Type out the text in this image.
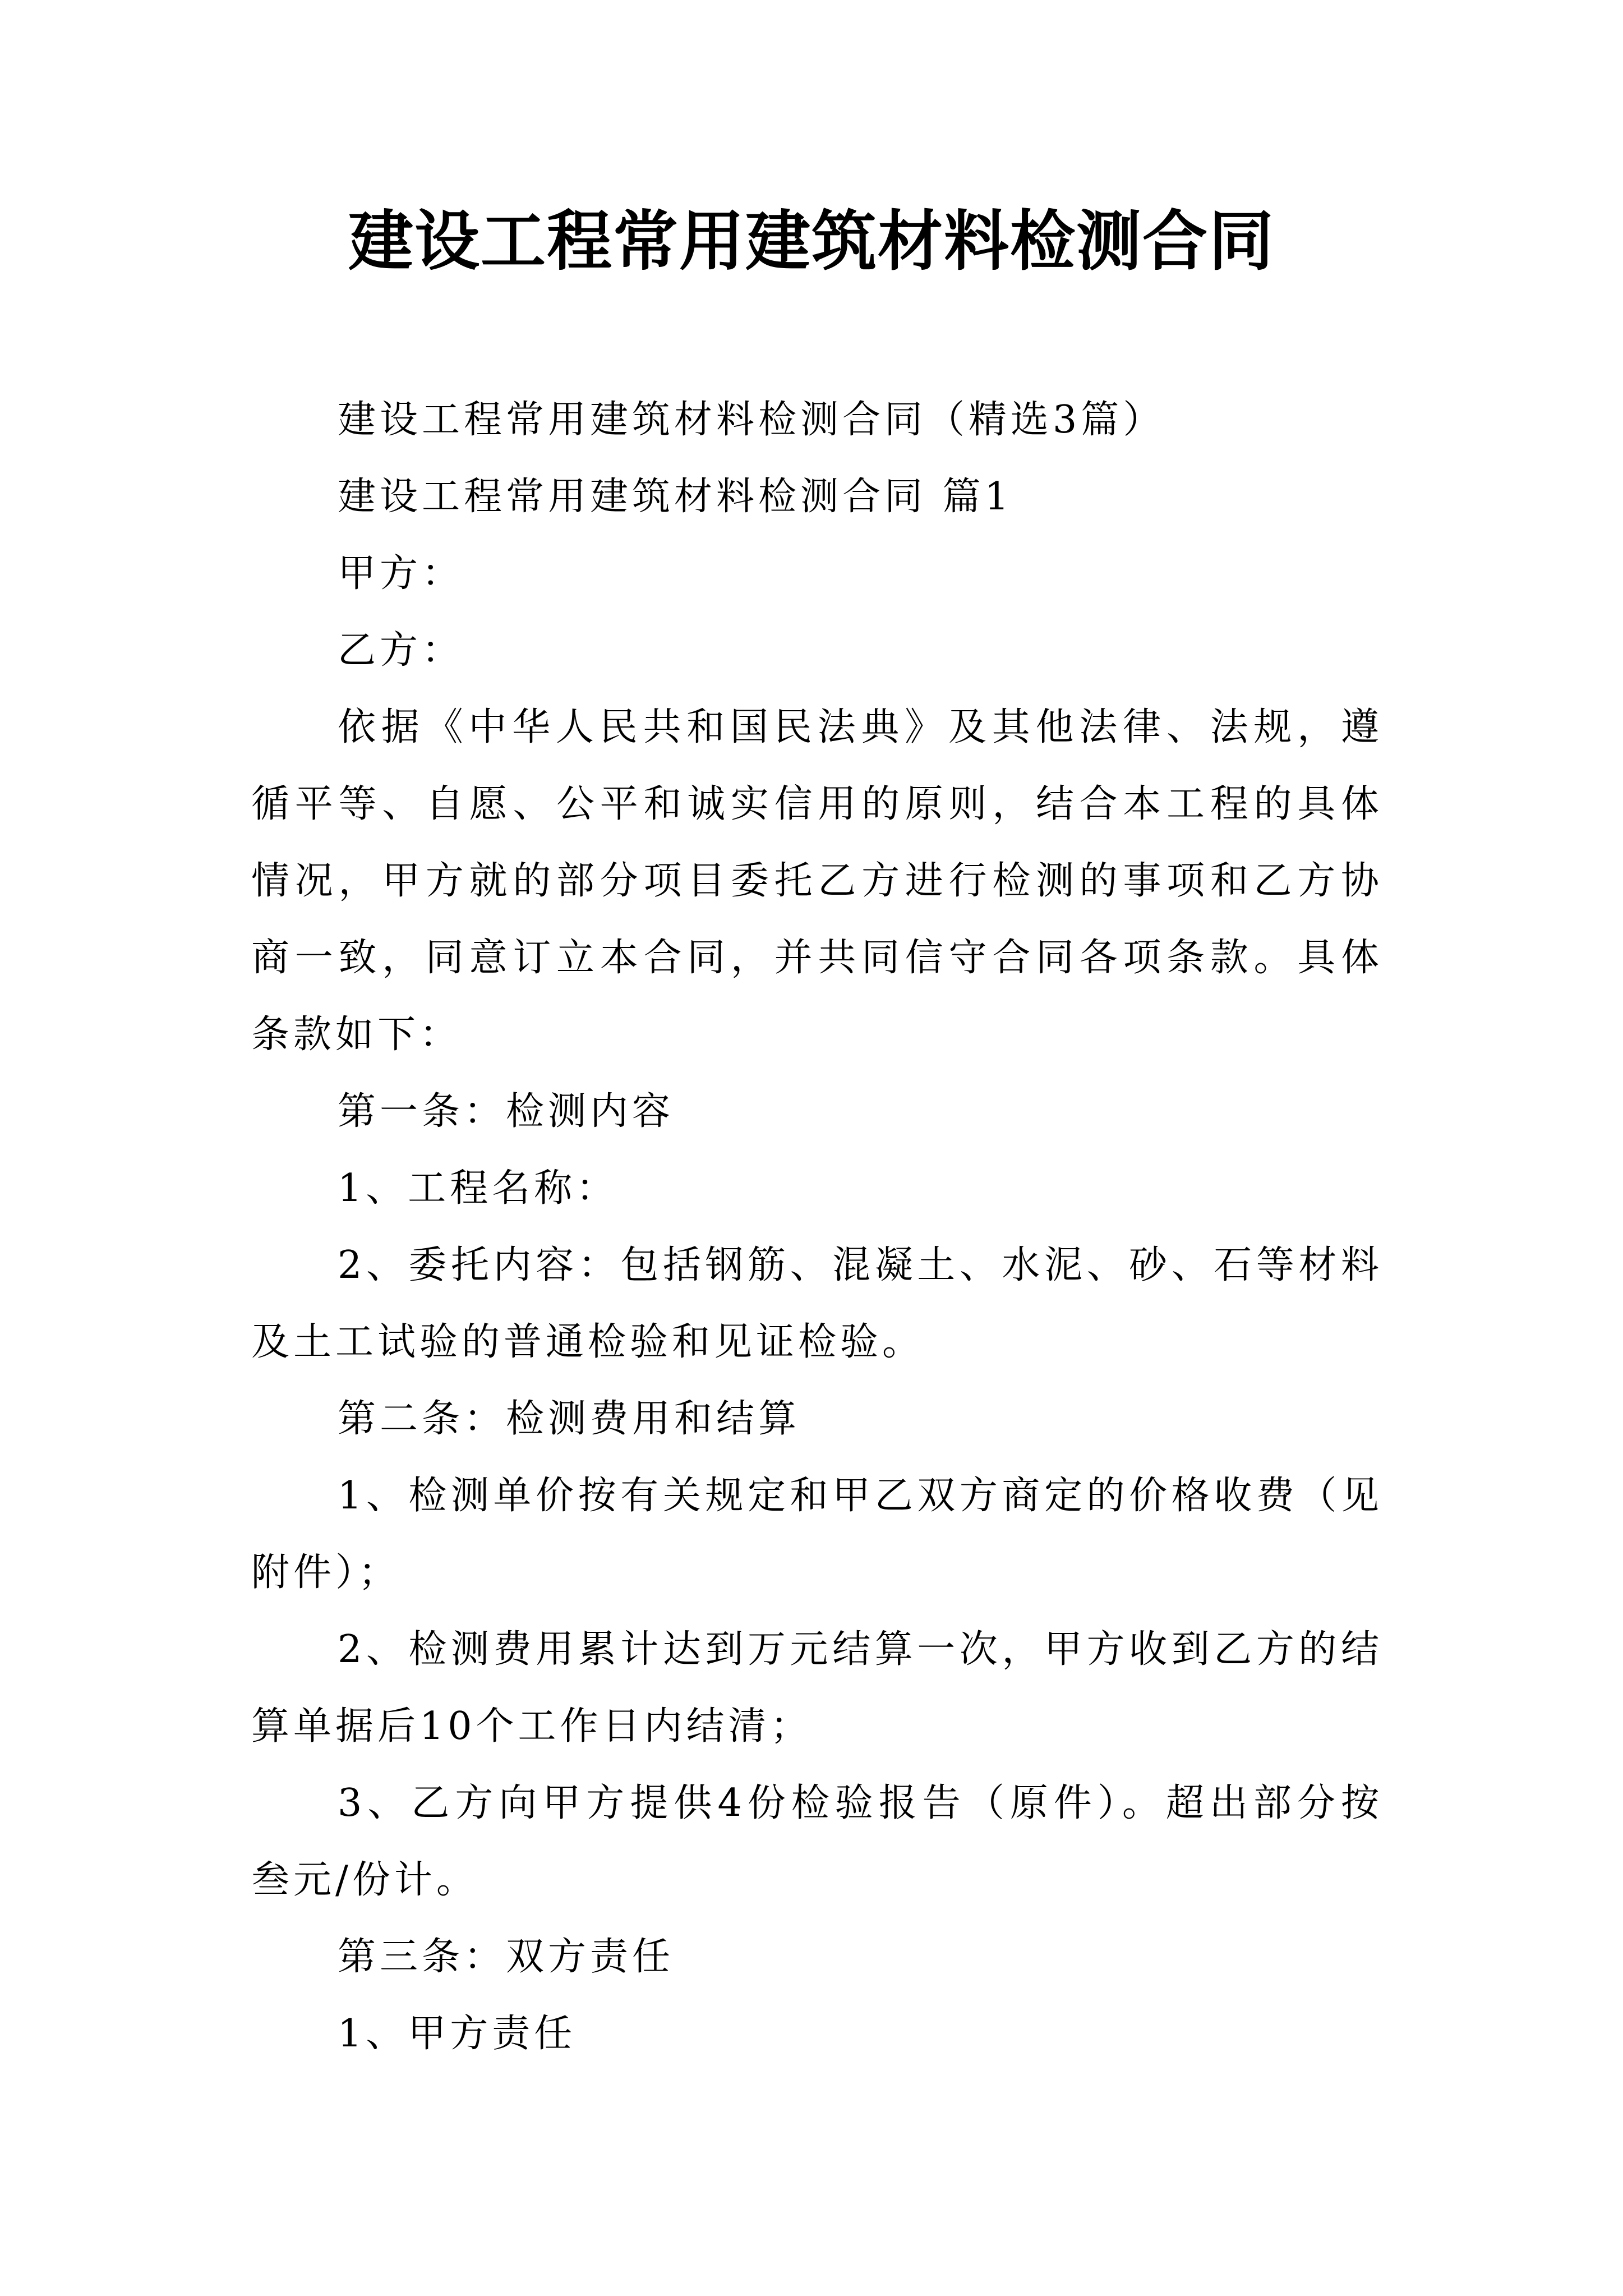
建设工程常用建筑材料检测合同

建设工程常用建筑材料检测合同（精选3篇）

建设工程常用建筑材料检测合同 篇1

甲方：

乙方：

依据《中华人民共和国民法典》及其他法律、法规，遵循平等、自愿、公平和诚实信用的原则，结合本工程的具体情况，甲方就的部分项目委托乙方进行检测的事项和乙方协商一致，同意订立本合同，并共同信守合同各项条款。具体条款如下：

第一条：检测内容

1、工程名称：

2、委托内容：包括钢筋、混凝土、水泥、砂、石等材料及土工试验的普通检验和见证检验。

第二条：检测费用和结算

1、检测单价按有关规定和甲乙双方商定的价格收费（见附件）；

2、检测费用累计达到万元结算一次，甲方收到乙方的结算单据后10个工作日内结清；

3、乙方向甲方提供4份检验报告（原件）。超出部分按叁元/份计。

第三条：双方责任

1、甲方责任
